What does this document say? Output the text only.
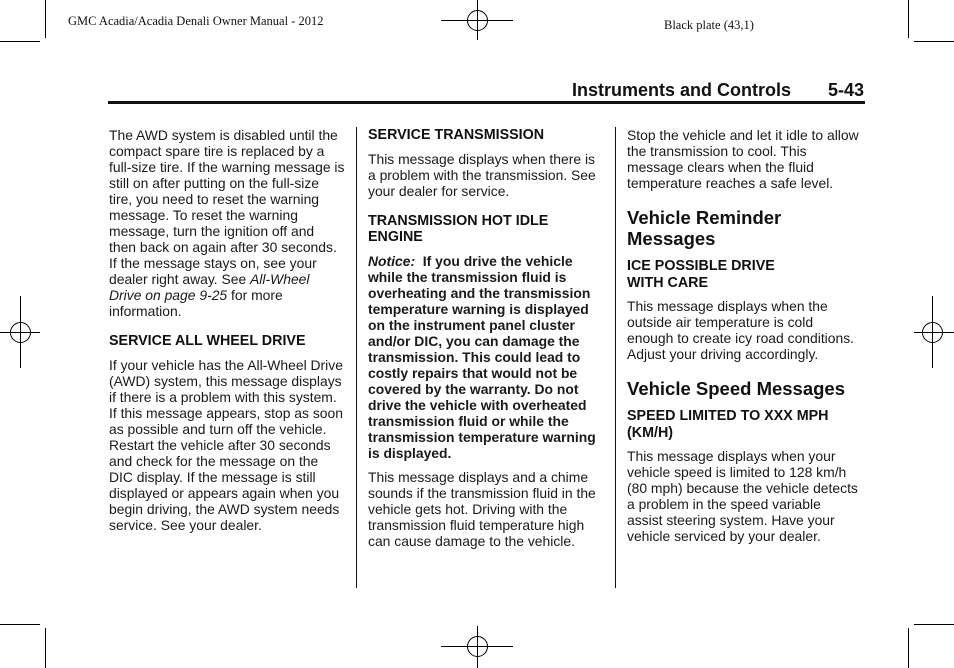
GMC Acadia/Acadia Denali Owner Manual - 2012	Black plate (43,1)
Instruments and Controls 5-43

The AWD system is disabled until the compact spare tire is replaced by a full-size tire. If the warning message is still on after putting on the full-size tire, you need to reset the warning message. To reset the warning message, turn the ignition off and then back on again after 30 seconds. If the message stays on, see your dealer right away. See All-Wheel Drive on page 9-25 for more information.

SERVICE ALL WHEEL DRIVE

If your vehicle has the All-Wheel Drive (AWD) system, this message displays if there is a problem with this system. If this message appears, stop as soon as possible and turn off the vehicle. Restart the vehicle after 30 seconds and check for the message on the DIC display. If the message is still displayed or appears again when you begin driving, the AWD system needs service. See your dealer.

SERVICE TRANSMISSION

This message displays when there is a problem with the transmission. See your dealer for service.

TRANSMISSION HOT IDLE ENGINE

Notice: If you drive the vehicle while the transmission fluid is overheating and the transmission temperature warning is displayed on the instrument panel cluster and/or DIC, you can damage the transmission. This could lead to costly repairs that would not be covered by the warranty. Do not drive the vehicle with overheated transmission fluid or while the transmission temperature warning is displayed.

This message displays and a chime sounds if the transmission fluid in the vehicle gets hot. Driving with the transmission fluid temperature high can cause damage to the vehicle.

Stop the vehicle and let it idle to allow the transmission to cool. This message clears when the fluid temperature reaches a safe level.

Vehicle Reminder Messages
ICE POSSIBLE DRIVE WITH CARE

This message displays when the outside air temperature is cold enough to create icy road conditions. Adjust your driving accordingly.

Vehicle Speed Messages
SPEED LIMITED TO XXX MPH (KM/H)

This message displays when your vehicle speed is limited to 128 km/h (80 mph) because the vehicle detects a problem in the speed variable assist steering system. Have your vehicle serviced by your dealer.
